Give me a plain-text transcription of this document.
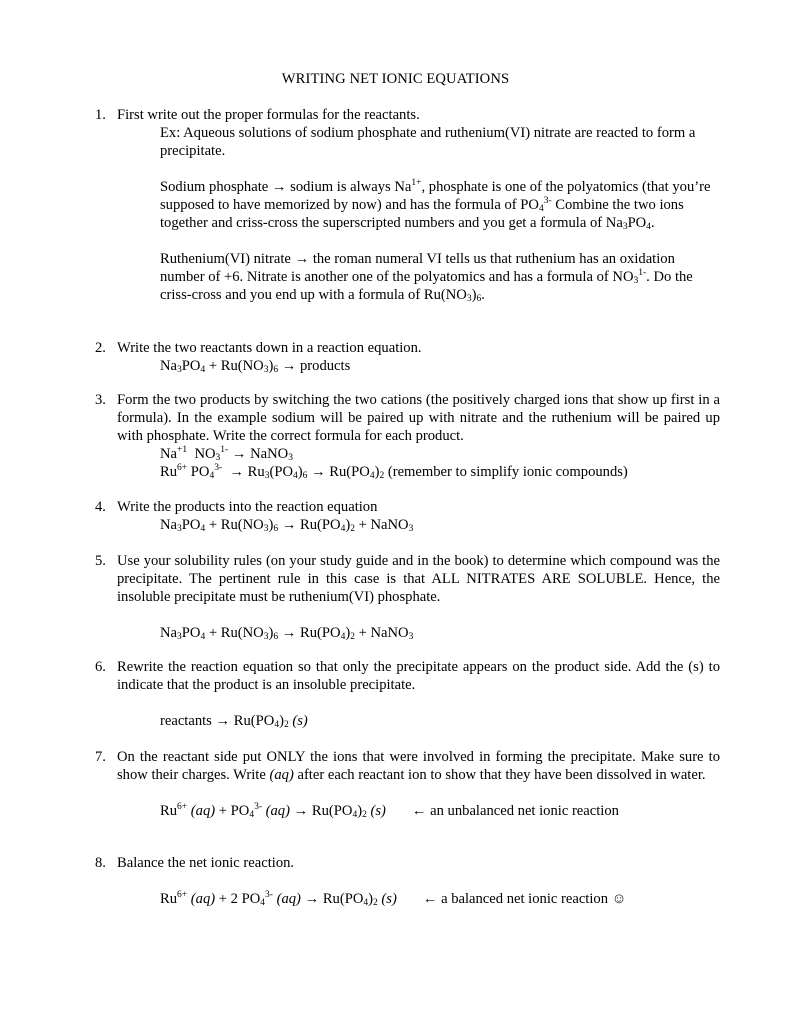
WRITING NET IONIC EQUATIONS
1. First write out the proper formulas for the reactants.
Ex: Aqueous solutions of sodium phosphate and ruthenium(VI) nitrate are reacted to form a precipitate.
Sodium phosphate → sodium is always $Na^{1+}$, phosphate is one of the polyatomics (that you’re supposed to have memorized by now) and has the formula of $PO_4^{3-}$ Combine the two ions together and criss-cross the superscripted numbers and you get a formula of $Na_3PO_4$.
Ruthenium(VI) nitrate → the roman numeral VI tells us that ruthenium has an oxidation number of +6. Nitrate is another one of the polyatomics and has a formula of $NO_3^{1-}$. Do the criss-cross and you end up with a formula of $Ru(NO_3)_6$.
2. Write the two reactants down in a reaction equation.
$Na_3PO_4 + Ru(NO_3)_6$ → products
3. Form the two products by switching the two cations (the positively charged ions that show up first in a formula). In the example sodium will be paired up with nitrate and the ruthenium will be paired up with phosphate. Write the correct formula for each product.
$Na^{+1}$ $NO_3^{1-}$ → NaNO$_3$
$Ru^{6+}$ $PO_4^{3-} \to Ru_3(PO_4)_6 \to Ru(PO_4)_2$ (remember to simplify ionic compounds)
4. Write the products into the reaction equation
$Na_3PO_4 + Ru(NO_3)_6 \to Ru(PO_4)_2$ + NaNO$_3$
5. Use your solubility rules (on your study guide and in the book) to determine which compound was the precipitate. The pertinent rule in this case is that ALL NITRATES ARE SOLUBLE. Hence, the insoluble precipitate must be ruthenium(VI) phosphate.
$Na_3PO_4 + Ru(NO_3)_6 \to Ru(PO_4)_2$ + NaNO$_3$
6. Rewrite the reaction equation so that only the precipitate appears on the product side. Add the (s) to indicate that the product is an insoluble precipitate.
reactants → $Ru(PO_4)_2$ (s)
7. On the reactant side put ONLY the ions that were involved in forming the precipitate. Make sure to show their charges. Write (aq) after each reactant ion to show that they have been dissolved in water.
$Ru^{6+}$ $(aq) + PO_4^{3-}$ $(aq) \to Ru(PO_4)_2$ (s) ← an unbalanced net ionic reaction
8. Balance the net ionic reaction.
$Ru^{6+}$ (aq) + 2 $PO_4^{3-}$ $(aq) \to Ru(PO_4)_2$ (s) ← a balanced net ionic reaction ☺
